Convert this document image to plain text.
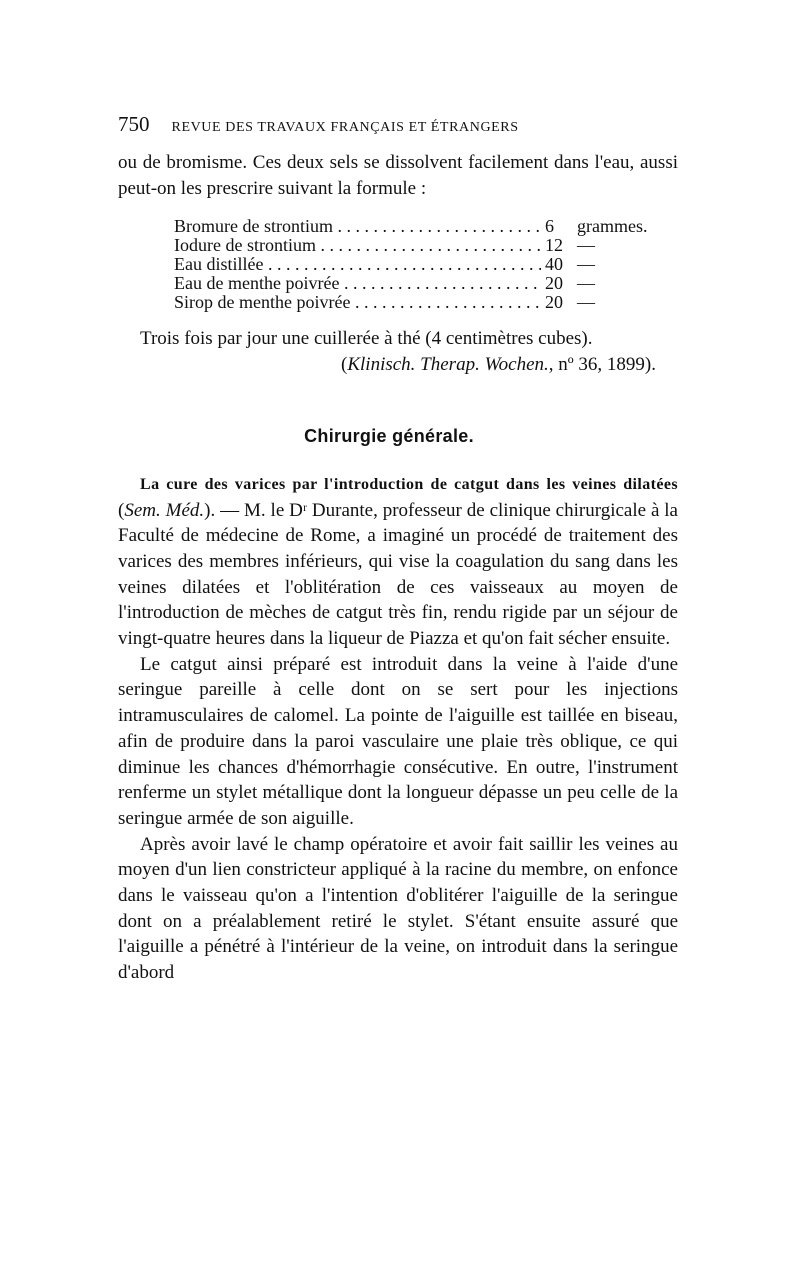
750 REVUE DES TRAVAUX FRANÇAIS ET ÉTRANGERS

ou de bromisme. Ces deux sels se dissolvent facilement dans l'eau, aussi peut-on les prescrire suivant la formule :

Bromure de strontium . . .	6	grammes.
Iodure de strontium . . .	12 —
Eau distillée . . .	40 —
Eau de menthe poivrée . . .	20 —
Sirop de menthe poivrée . . .	20 —

Trois fois par jour une cuillerée à thé (4 centimètres cubes).

(Klinisch. Therap. Wochen., nº 36, 1899).

Chirurgie générale.

La cure des varices par l'introduction de catgut dans les veines dilatées (Sem. Méd.). — M. le Dʳ Durante, professeur de clinique chirurgicale à la Faculté de médecine de Rome, a imaginé un procédé de traitement des varices des membres inférieurs, qui vise la coagulation du sang dans les veines dilatées et l'oblitération de ces vaisseaux au moyen de l'introduction de mèches de catgut très fin, rendu rigide par un séjour de vingt-quatre heures dans la liqueur de Piazza et qu'on fait sécher ensuite.

Le catgut ainsi préparé est introduit dans la veine à l'aide d'une seringue pareille à celle dont on se sert pour les injections intramusculaires de calomel. La pointe de l'aiguille est taillée en biseau, afin de produire dans la paroi vasculaire une plaie très oblique, ce qui diminue les chances d'hémorrhagie consécutive. En outre, l'instrument renferme un stylet métallique dont la longueur dépasse un peu celle de la seringue armée de son aiguille.

Après avoir lavé le champ opératoire et avoir fait saillir les veines au moyen d'un lien constricteur appliqué à la racine du membre, on enfonce dans le vaisseau qu'on a l'intention d'oblitérer l'aiguille de la seringue dont on a préalablement retiré le stylet. S'étant ensuite assuré que l'aiguille a pénétré à l'intérieur de la veine, on introduit dans la seringue d'abord
